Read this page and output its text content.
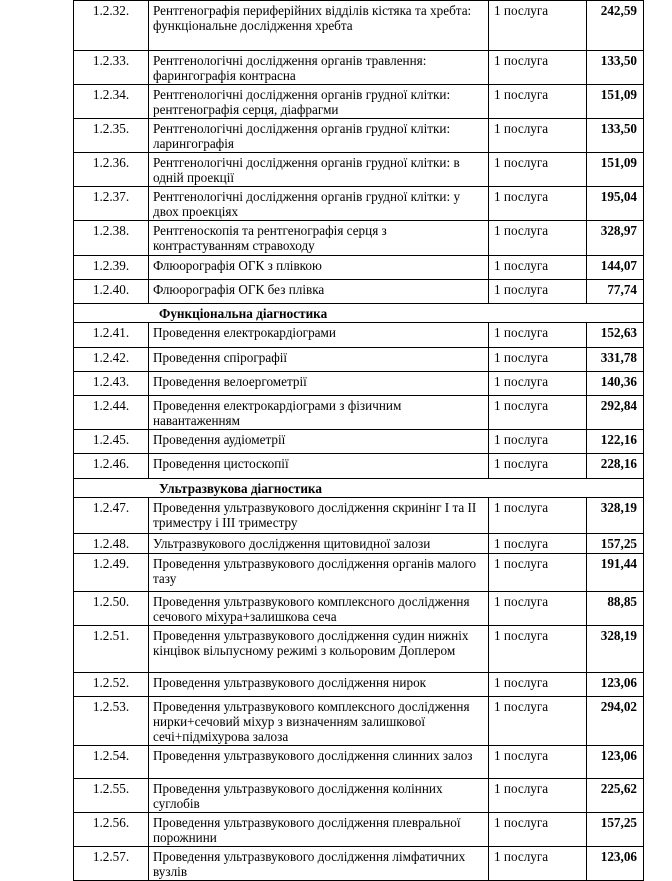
1.2.32.	Рентгенографія периферійних відділів кістяка та хребта: функціональне дослідження хребта	1 послуга	242,59
1.2.33.	Рентгенологічні дослідження органів травлення: фарингографія контрасна	1 послуга	133,50
1.2.34.	Рентгенологічні дослідження органів грудної клітки: рентгенографія серця, діафрагми	1 послуга	151,09
1.2.35.	Рентгенологічні дослідження органів грудної клітки: ларингографія	1 послуга	133,50
1.2.36.	Рентгенологічні дослідження органів грудної клітки: в одній проекції	1 послуга	151,09
1.2.37.	Рентгенологічні дослідження органів грудної клітки: у двох проекціях	1 послуга	195,04
1.2.38.	Рентгеноскопія та рентгенографія серця з контрастуванням стравоходу	1 послуга	328,97
1.2.39.	Флюорографія ОГК з плівкою	1 послуга	144,07
1.2.40.	Флюорографія ОГК без плівка	1 послуга	77,74
Функціональна діагностика			
1.2.41.	Проведення електрокардіограми	1 послуга	152,63
1.2.42.	Проведення спірографії	1 послуга	331,78
1.2.43.	Проведення велоергометрії	1 послуга	140,36
1.2.44.	Проведення електрокардіограми з фізичним навантаженням	1 послуга	292,84
1.2.45.	Проведення аудіометрії	1 послуга	122,16
1.2.46.	Проведення цистоскопії	1 послуга	228,16
Ультразвукова діагностика			
1.2.47.	Проведення ультразвукового дослідження скринінг I та II триместру і III триместру	1 послуга	328,19
1.2.48.	Ультразвукового дослідження щитовидної залози	1 послуга	157,25
1.2.49.	Проведення ультразвукового дослідження органів малого тазу	1 послуга	191,44
1.2.50.	Проведення ультразвукового комплексного дослідження сечового міхура+залишкова сеча	1 послуга	88,85
1.2.51.	Проведення ультразвукового дослідження судин нижніх кінцівок вільпусному режимі з кольоровим Доплером	1 послуга	328,19
1.2.52.	Проведення ультразвукового дослідження нирок	1 послуга	123,06
1.2.53.	Проведення ультразвукового комплексного дослідження нирки+сечовий міхур з визначенням залишкової сечі+підміхурова залоза	1 послуга	294,02
1.2.54.	Проведення ультразвукового дослідження слинних залоз	1 послуга	123,06
1.2.55.	Проведення ультразвукового дослідження колінних суглобів	1 послуга	225,62
1.2.56.	Проведення ультразвукового дослідження плевральної порожнини	1 послуга	157,25
1.2.57.	Проведення ультразвукового дослідження лімфатичних вузлів	1 послуга	123,06
